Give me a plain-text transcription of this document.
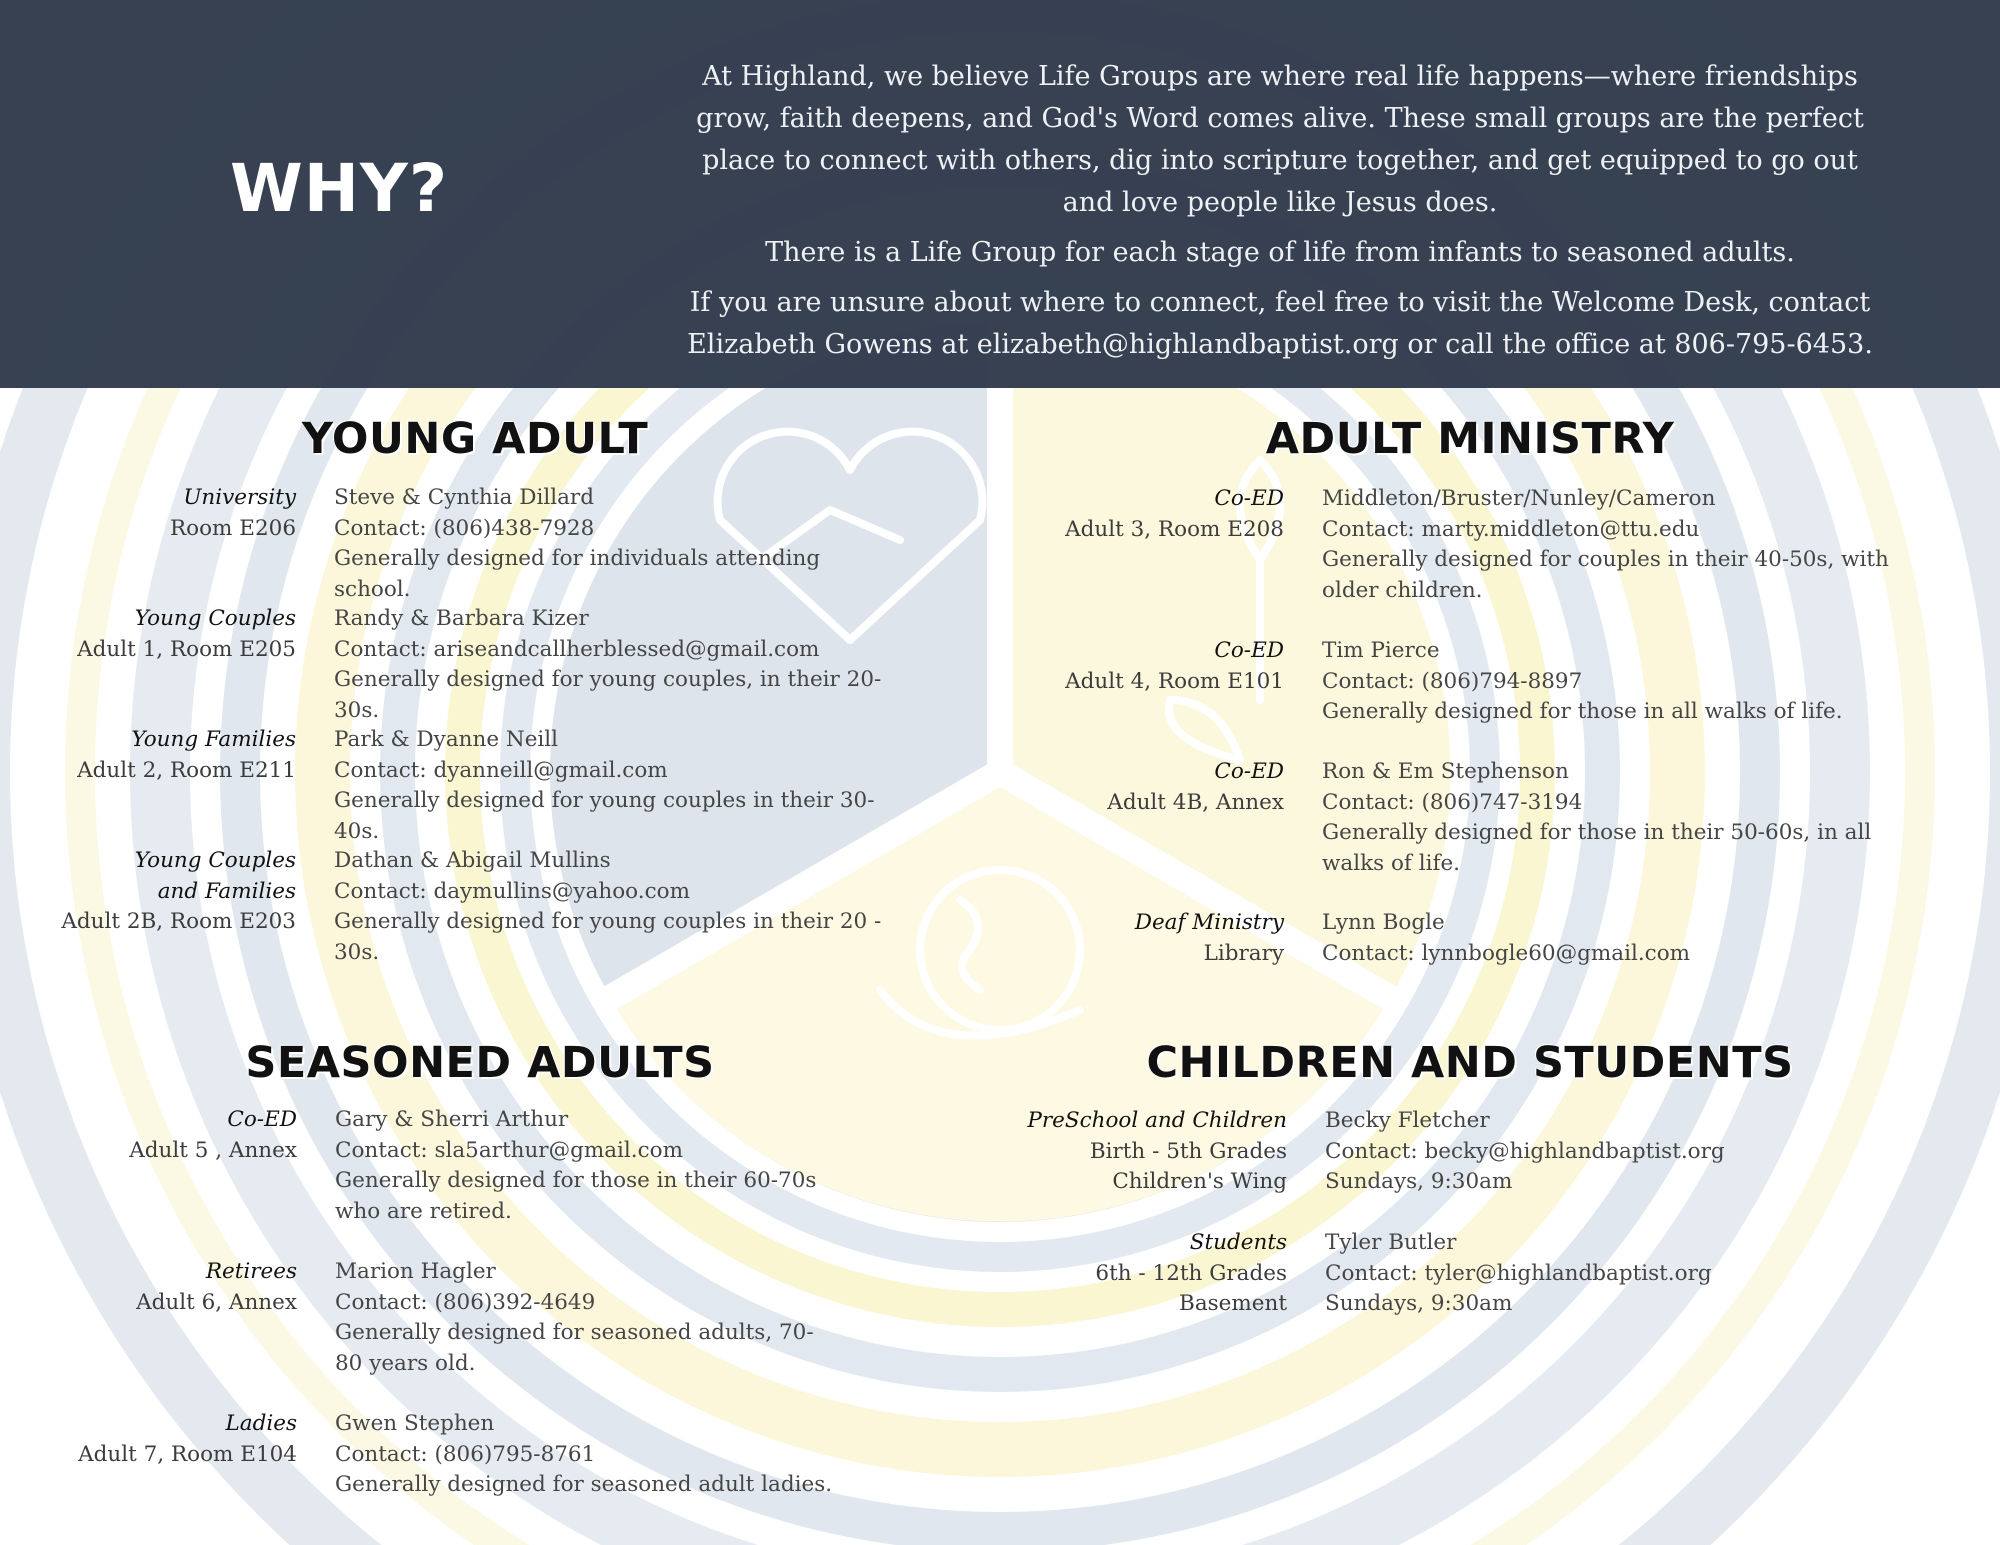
WHY?

At Highland, we believe Life Groups are where real life happens—where friendships grow, faith deepens, and God's Word comes alive. These small groups are the perfect place to connect with others, dig into scripture together, and get equipped to go out and love people like Jesus does.

There is a Life Group for each stage of life from infants to seasoned adults.

If you are unsure about where to connect, feel free to visit the Welcome Desk, contact Elizabeth Gowens at elizabeth@highlandbaptist.org or call the office at 806-795-6453.

YOUNG ADULT
University
Room E206
Steve & Cynthia Dillard
Contact: (806)438-7928
Generally designed for individuals attending school.
Young Couples
Adult 1, Room E205
Randy & Barbara Kizer
Contact: ariseandcallherblessed@gmail.com
Generally designed for young couples, in their 20-30s.
Young Families
Adult 2, Room E211
Park & Dyanne Neill
Contact: dyanneill@gmail.com
Generally designed for young couples in their 30-40s.
Young Couples
and Families
Adult 2B, Room E203
Dathan & Abigail Mullins
Contact: daymullins@yahoo.com
Generally designed for young couples in their 20 - 30s.
ADULT MINISTRY
Co-ED
Adult 3, Room E208
Middleton/Bruster/Nunley/Cameron
Contact: marty.middleton@ttu.edu
Generally designed for couples in their 40-50s, with older children.
Co-ED
Adult 4, Room E101
Tim Pierce
Contact: (806)794-8897
Generally designed for those in all walks of life.
Co-ED
Adult 4B, Annex
Ron & Em Stephenson
Contact: (806)747-3194
Generally designed for those in their 50-60s, in all walks of life.
Deaf Ministry
Library
Lynn Bogle
Contact: lynnbogle60@gmail.com
SEASONED ADULTS
Co-ED
Adult 5 , Annex
Gary & Sherri Arthur
Contact: sla5arthur@gmail.com
Generally designed for those in their 60-70s who are retired.
Retirees
Adult 6, Annex
Marion Hagler
Contact: (806)392-4649
Generally designed for seasoned adults, 70-80 years old.
Ladies
Adult 7, Room E104
Gwen Stephen
Contact: (806)795-8761
Generally designed for seasoned adult ladies.
CHILDREN AND STUDENTS
PreSchool and Children
Birth - 5th Grades
Children's Wing
Becky Fletcher
Contact: becky@highlandbaptist.org
Sundays, 9:30am
Students
6th - 12th Grades
Basement
Tyler Butler
Contact: tyler@highlandbaptist.org
Sundays, 9:30am
